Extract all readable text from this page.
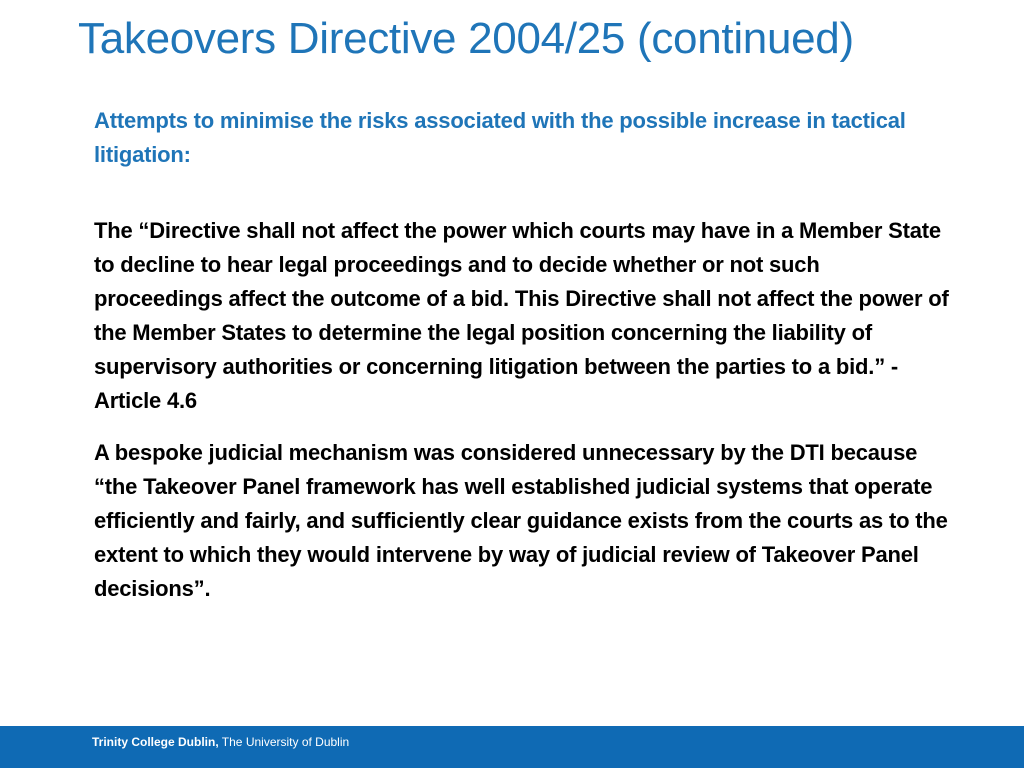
Takeovers Directive 2004/25 (continued)

Attempts to minimise the risks associated with the possible increase in tactical litigation:

The “Directive shall not affect the power which courts may have in a Member State to decline to hear legal proceedings and to decide whether or not such proceedings affect the outcome of a bid. This Directive shall not affect the power of the Member States to determine the legal position concerning the liability of supervisory authorities or concerning litigation between the parties to a bid.” - Article 4.6

A bespoke judicial mechanism was considered unnecessary by the DTI because “the Takeover Panel framework has well established judicial systems that operate efficiently and fairly, and sufficiently clear guidance exists from the courts as to the extent to which they would intervene by way of judicial review of Takeover Panel decisions”.

Trinity College Dublin, The University of Dublin
